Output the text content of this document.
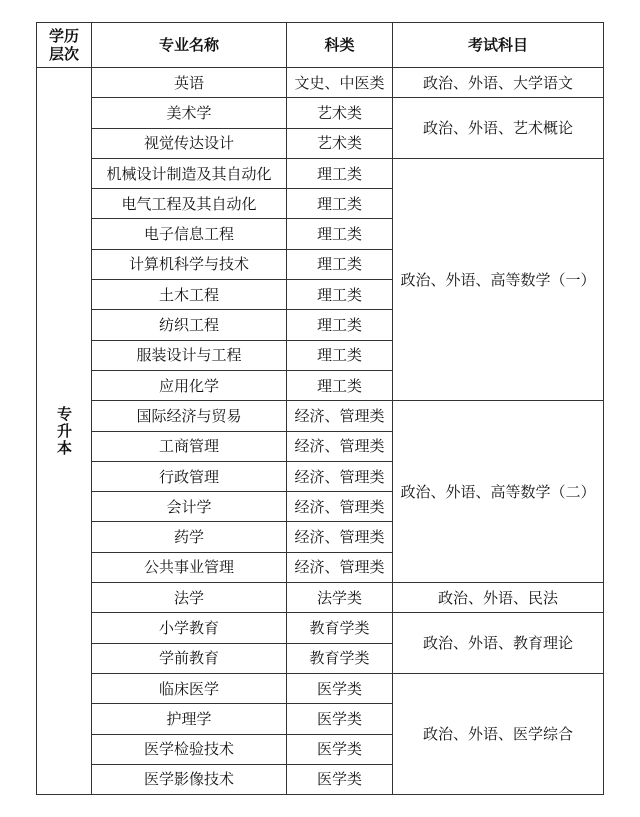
学历
层次	专业名称	科类	考试科目
专升本	英语	文史、中医类	政治、外语、大学语文
	美术学	艺术类	政治、外语、艺术概论
	视觉传达设计	艺术类	
	机械设计制造及其自动化	理工类	政治、外语、高等数学（一）
	电气工程及其自动化	理工类	
	电子信息工程	理工类	
	计算机科学与技术	理工类	
	土木工程	理工类	
	纺织工程	理工类	
	服装设计与工程	理工类	
	应用化学	理工类	
	国际经济与贸易	经济、管理类	政治、外语、高等数学（二）
	工商管理	经济、管理类	
	行政管理	经济、管理类	
	会计学	经济、管理类	
	药学	经济、管理类	
	公共事业管理	经济、管理类	
	法学	法学类	政治、外语、民法
	小学教育	教育学类	政治、外语、教育理论
	学前教育	教育学类	
	临床医学	医学类	政治、外语、医学综合
	护理学	医学类	
	医学检验技术	医学类	
	医学影像技术	医学类	
